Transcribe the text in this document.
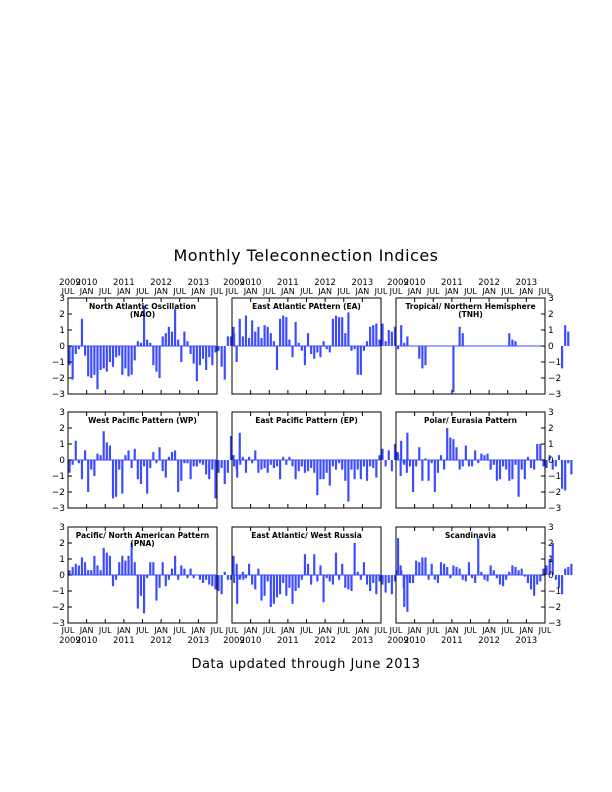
Monthly Teleconnection Indices
North Atlantic Oscillation
(NAO)
3
2
1
0
−1
−2
−3
JUL JAN JUL JAN JUL JAN JUL JAN JUL
2009
2010 2011 2012 2013
East Atlantic PAttern (EA)
JUL JAN JUL JAN JUL JAN JUL JAN JUL
2009
2010 2011 2012 2013
Tropical/ Northern Hemisphere
(TNH)
3
2
1
0
−1
−2
−3
JUL JAN JUL JAN JUL JAN JUL JAN JUL
2009
2010 2011 2012 2013
West Pacific Pattern (WP)
3
2
1
0
−1
−2
−3
East Pacific Pattern (EP)	Polar/ Eurasia Pattern
3
2
1
0
−1
−2
−3
Pacific/ North American Pattern
(PNA)
3
2
1
0
−1
−2
−3
JUL JAN JUL JAN JUL JAN JUL JAN JUL
2009
2010 2011 2012 2013
East Atlantic/ West Russia
JUL JAN JUL JAN JUL JAN JUL JAN JUL
2009
2010 2011 2012 2013
Scandinavia
3
2
1
0
−1
−2
−3
JUL JAN JUL JAN JUL JAN JUL JAN JUL
2009
2010 2011 2012 2013
Data updated through June 2013
